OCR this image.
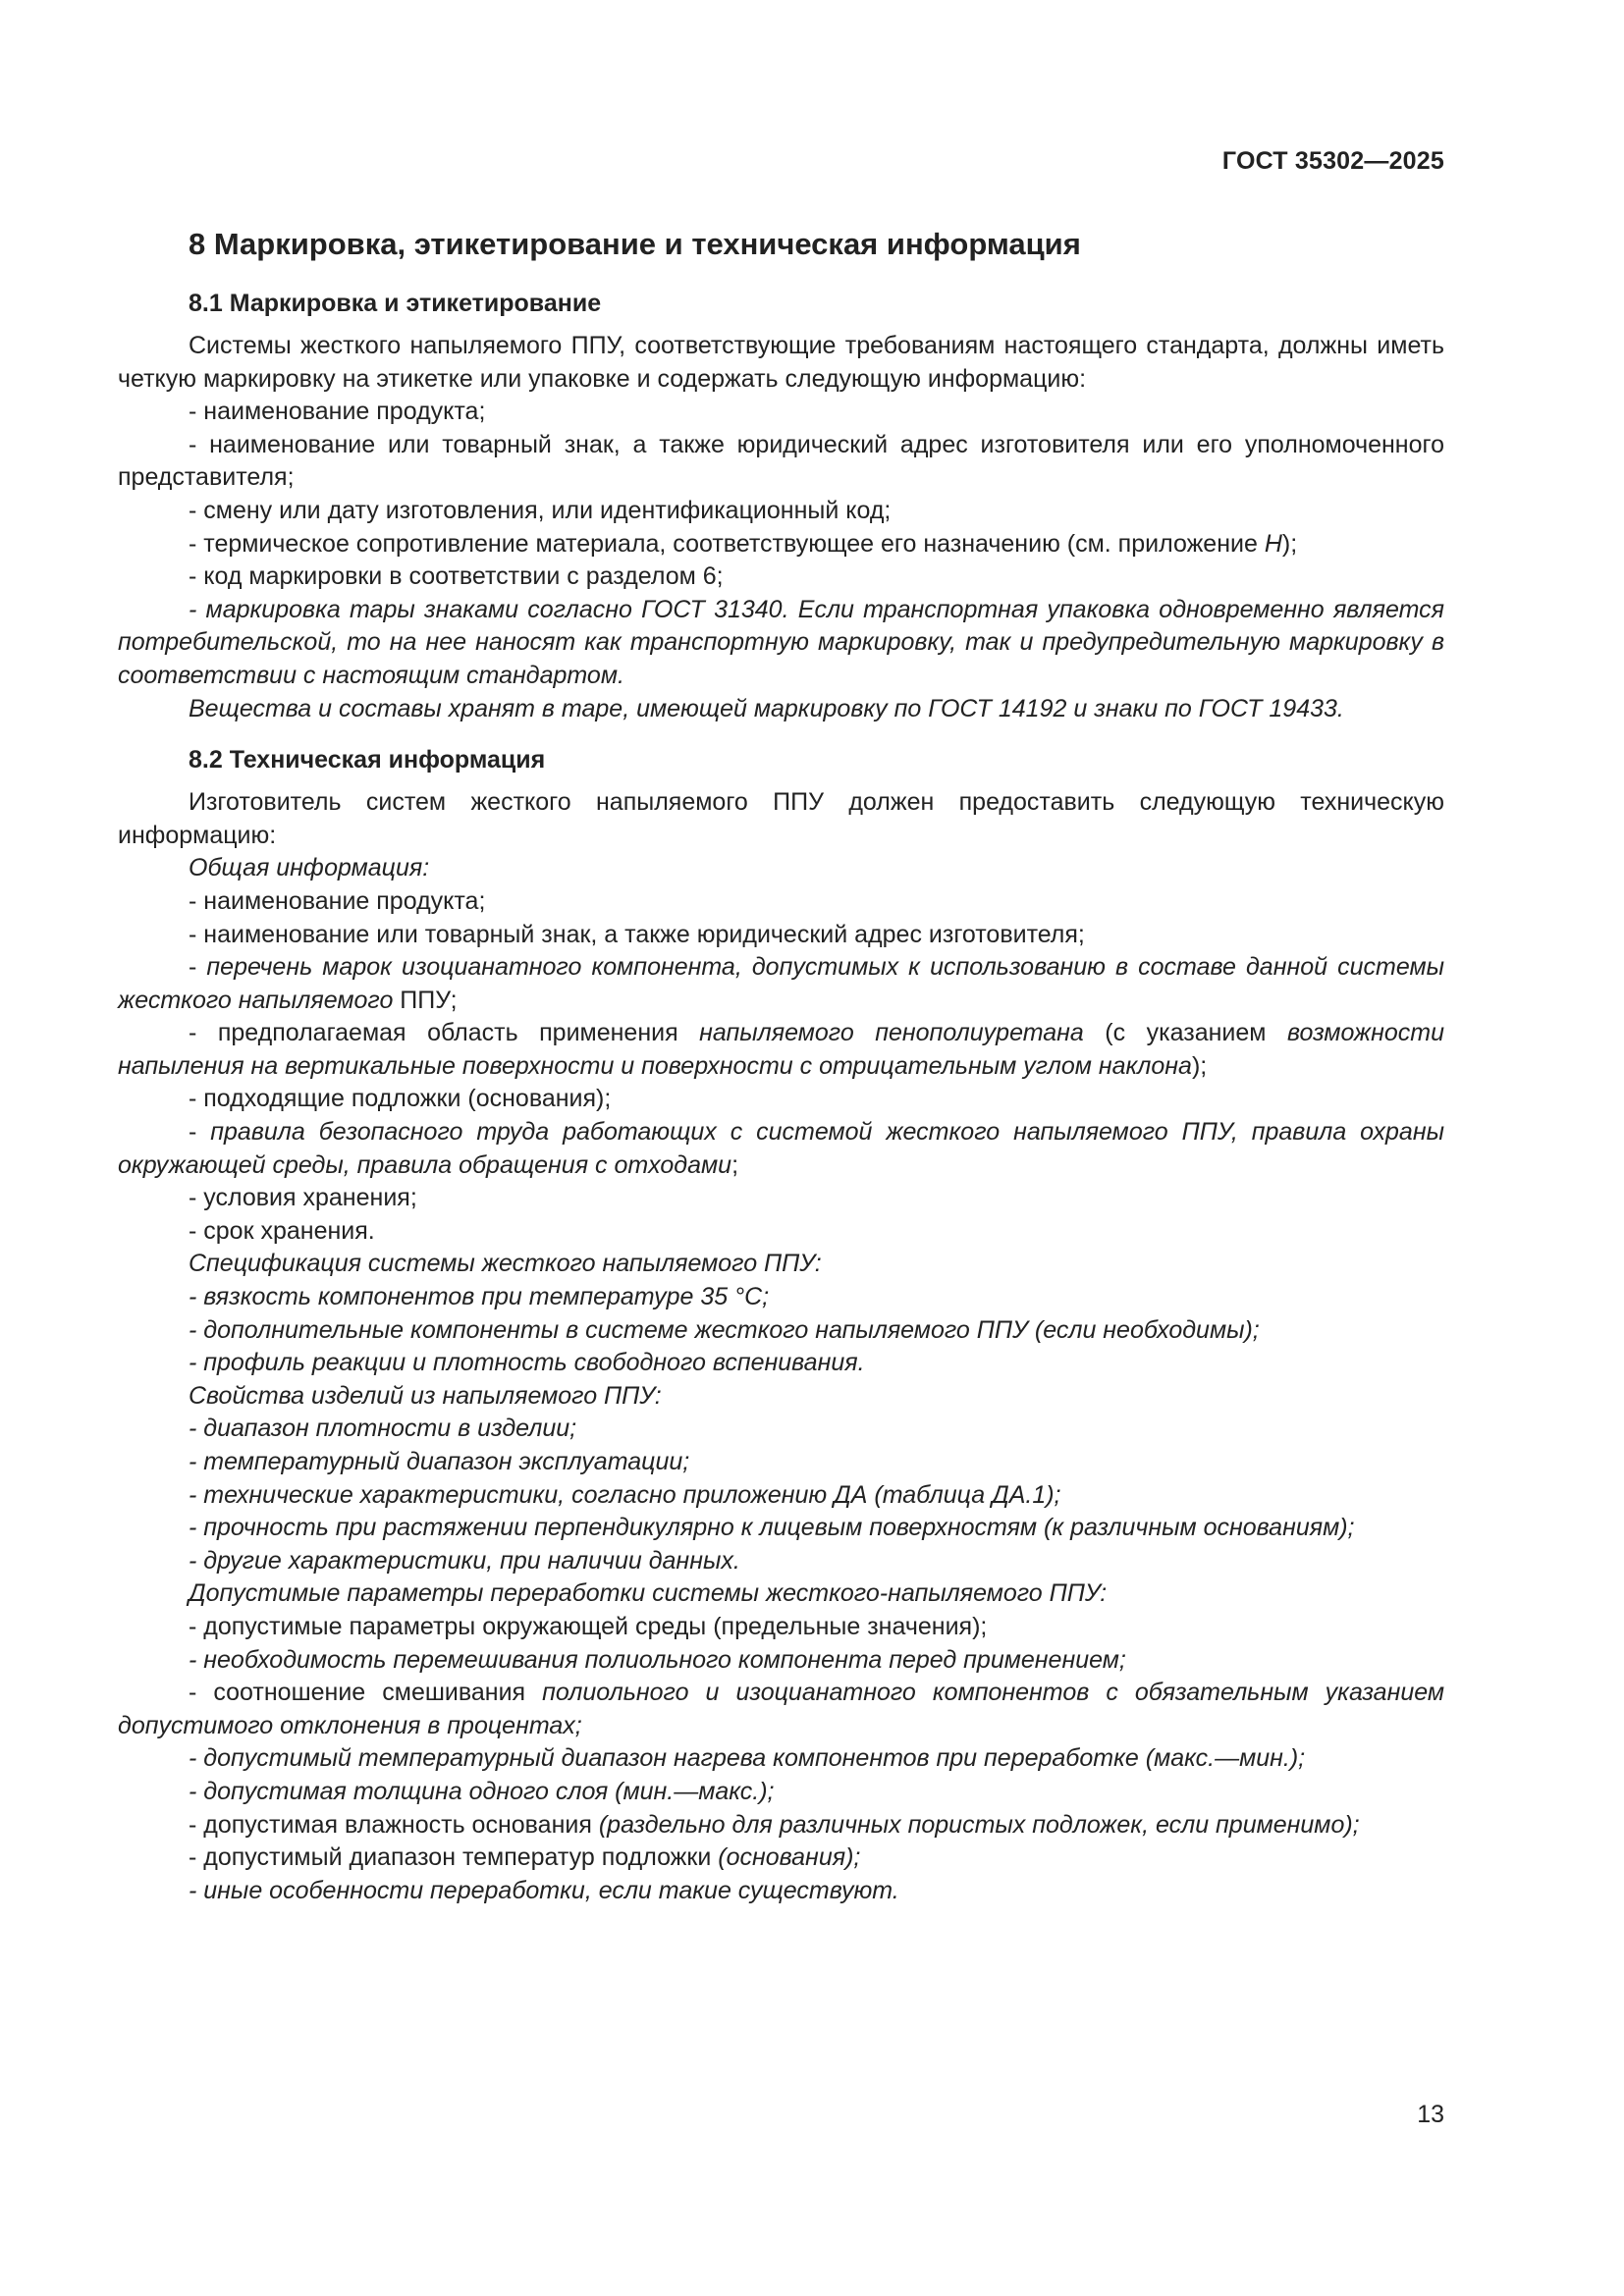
ГОСТ 35302—2025
8 Маркировка, этикетирование и техническая информация
8.1 Маркировка и этикетирование

Системы жесткого напыляемого ППУ, соответствующие требованиям настоящего стандарта, должны иметь четкую маркировку на этикетке или упаковке и содержать следующую информацию:

- наименование продукта;

- наименование или товарный знак, а также юридический адрес изготовителя или его уполномоченного представителя;

- смену или дату изготовления, или идентификационный код;

- термическое сопротивление материала, соответствующее его назначению (см. приложение Н);

- код маркировки в соответствии с разделом 6;

- маркировка тары знаками согласно ГОСТ 31340. Если транспортная упаковка одновременно является потребительской, то на нее наносят как транспортную маркировку, так и предупредительную маркировку в соответствии с настоящим стандартом.

Вещества и составы хранят в таре, имеющей маркировку по ГОСТ 14192 и знаки по ГОСТ 19433.

8.2 Техническая информация

Изготовитель систем жесткого напыляемого ППУ должен предоставить следующую техническую информацию:

Общая информация:

- наименование продукта;

- наименование или товарный знак, а также юридический адрес изготовителя;

- перечень марок изоцианатного компонента, допустимых к использованию в составе данной системы жесткого напыляемого ППУ;

- предполагаемая область применения напыляемого пенополиуретана (с указанием возможности напыления на вертикальные поверхности и поверхности с отрицательным углом наклона);

- подходящие подложки (основания);

- правила безопасного труда работающих с системой жесткого напыляемого ППУ, правила охраны окружающей среды, правила обращения с отходами;

- условия хранения;

- срок хранения.

Спецификация системы жесткого напыляемого ППУ:

- вязкость компонентов при температуре 35 °С;

- дополнительные компоненты в системе жесткого напыляемого ППУ (если необходимы);

- профиль реакции и плотность свободного вспенивания.

Свойства изделий из напыляемого ППУ:

- диапазон плотности в изделии;

- температурный диапазон эксплуатации;

- технические характеристики, согласно приложению ДА (таблица ДА.1);

- прочность при растяжении перпендикулярно к лицевым поверхностям (к различным основаниям);

- другие характеристики, при наличии данных.

Допустимые параметры переработки системы жесткого-напыляемого ППУ:

- допустимые параметры окружающей среды (предельные значения);

- необходимость перемешивания полиольного компонента перед применением;

- соотношение смешивания полиольного и изоцианатного компонентов с обязательным указанием допустимого отклонения в процентах;

- допустимый температурный диапазон нагрева компонентов при переработке (макс.—мин.);

- допустимая толщина одного слоя (мин.—макс.);

- допустимая влажность основания (раздельно для различных пористых подложек, если применимо);

- допустимый диапазон температур подложки (основания);

- иные особенности переработки, если такие существуют.

13
